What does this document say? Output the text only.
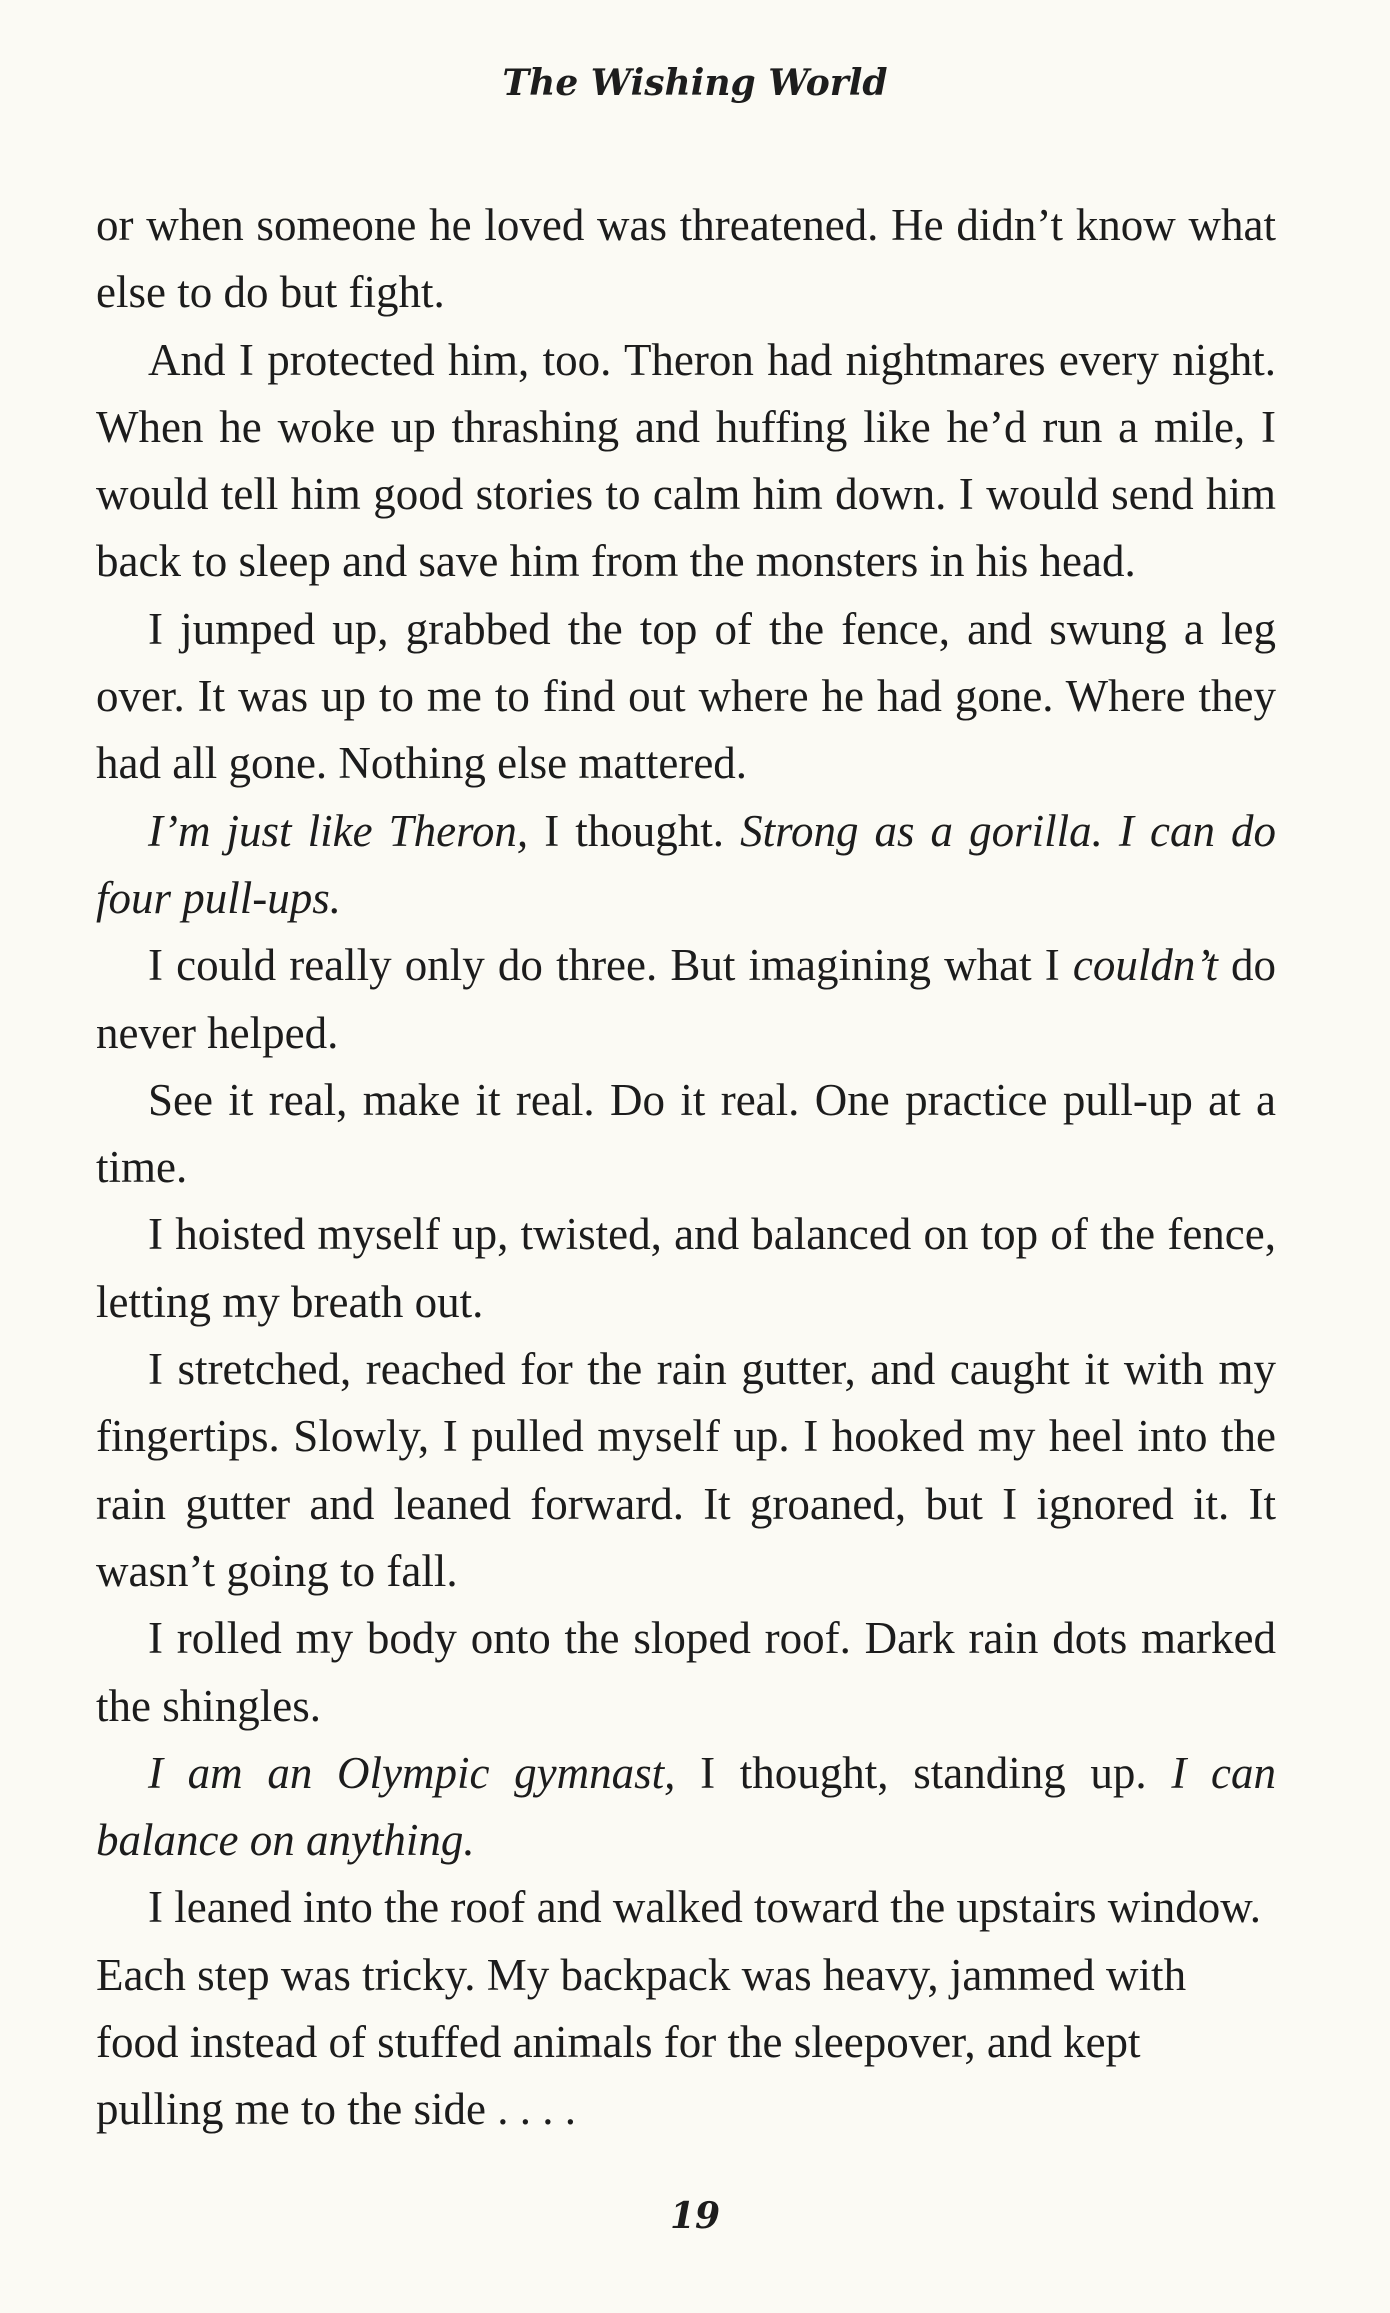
The Wishing World

or when someone he loved was threatened. He didn’t know what else to do but fight.

And I protected him, too. Theron had nightmares every night. When he woke up thrashing and huffing like he’d run a mile, I would tell him good stories to calm him down. I would send him back to sleep and save him from the monsters in his head.

I jumped up, grabbed the top of the fence, and swung a leg over. It was up to me to find out where he had gone. Where they had all gone. Nothing else mattered.

I’m just like Theron, I thought. Strong as a gorilla. I can do four pull-ups.

I could really only do three. But imagining what I couldn’t do never helped.

See it real, make it real. Do it real. One practice pull-up at a time.

I hoisted myself up, twisted, and balanced on top of the fence, letting my breath out.

I stretched, reached for the rain gutter, and caught it with my fingertips. Slowly, I pulled myself up. I hooked my heel into the rain gutter and leaned forward. It groaned, but I ignored it. It wasn’t going to fall.

I rolled my body onto the sloped roof. Dark rain dots marked the shingles.

I am an Olympic gymnast, I thought, standing up. I can balance on anything.

I leaned into the roof and walked toward the upstairs window. Each step was tricky. My backpack was heavy, jammed with food instead of stuffed animals for the sleepover, and kept pulling me to the side . . . .

19
